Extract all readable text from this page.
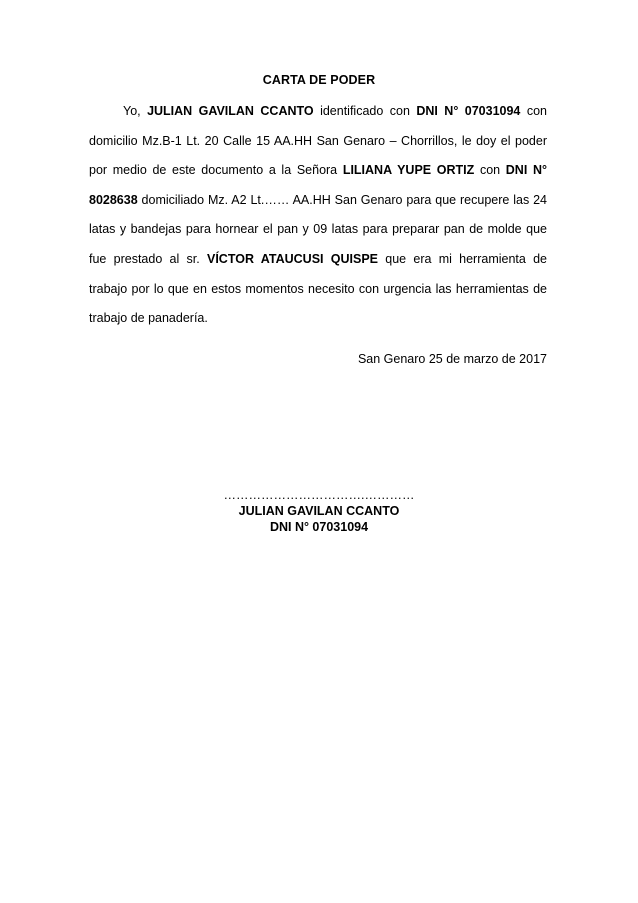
CARTA DE PODER

Yo, JULIAN GAVILAN CCANTO identificado con DNI N° 07031094 con domicilio Mz.B-1 Lt. 20 Calle 15 AA.HH San Genaro – Chorrillos, le doy el poder por medio de este documento a la Señora LILIANA YUPE ORTIZ con DNI N° 8028638 domiciliado Mz. A2 Lt.…… AA.HH San Genaro para que recupere las 24 latas y bandejas para hornear el pan y 09 latas para preparar pan de molde que fue prestado al sr. VÍCTOR ATAUCUSI QUISPE que era mi herramienta de trabajo por lo que en estos momentos necesito con urgencia las herramientas de trabajo de panadería.

San Genaro 25 de marzo de 2017
…………………………….…………
JULIAN GAVILAN CCANTO
DNI N° 07031094
